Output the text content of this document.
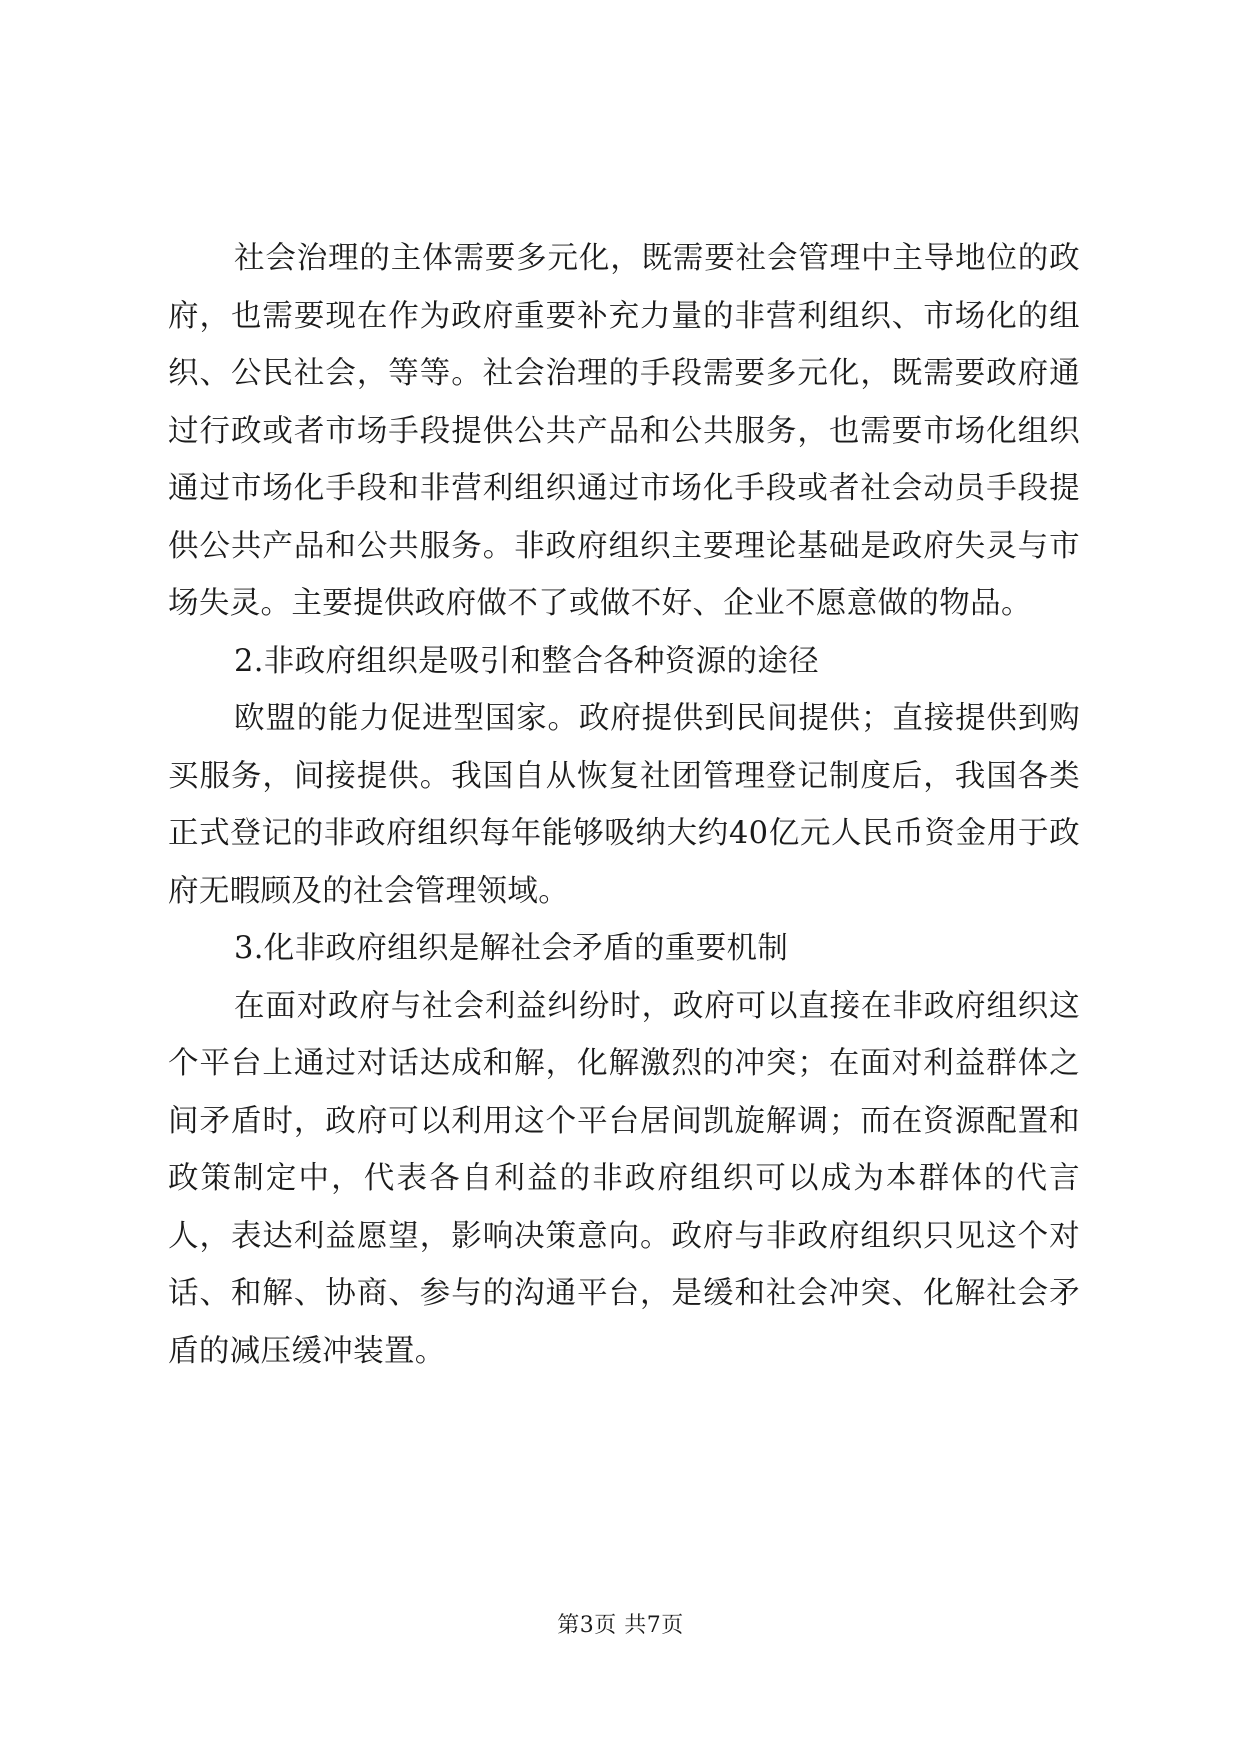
社会治理的主体需要多元化，既需要社会管理中主导地位的政府，也需要现在作为政府重要补充力量的非营利组织、市场化的组织、公民社会，等等。社会治理的手段需要多元化，既需要政府通过行政或者市场手段提供公共产品和公共服务，也需要市场化组织通过市场化手段和非营利组织通过市场化手段或者社会动员手段提供公共产品和公共服务。非政府组织主要理论基础是政府失灵与市场失灵。主要提供政府做不了或做不好、企业不愿意做的物品。

2.非政府组织是吸引和整合各种资源的途径

欧盟的能力促进型国家。政府提供到民间提供；直接提供到购买服务，间接提供。我国自从恢复社团管理登记制度后，我国各类正式登记的非政府组织每年能够吸纳大约40亿元人民币资金用于政府无暇顾及的社会管理领域。

3.化非政府组织是解社会矛盾的重要机制

在面对政府与社会利益纠纷时，政府可以直接在非政府组织这个平台上通过对话达成和解，化解激烈的冲突；在面对利益群体之间矛盾时，政府可以利用这个平台居间凯旋解调；而在资源配置和政策制定中，代表各自利益的非政府组织可以成为本群体的代言人，表达利益愿望，影响决策意向。政府与非政府组织只见这个对话、和解、协商、参与的沟通平台，是缓和社会冲突、化解社会矛盾的减压缓冲装置。

第3页 共7页
